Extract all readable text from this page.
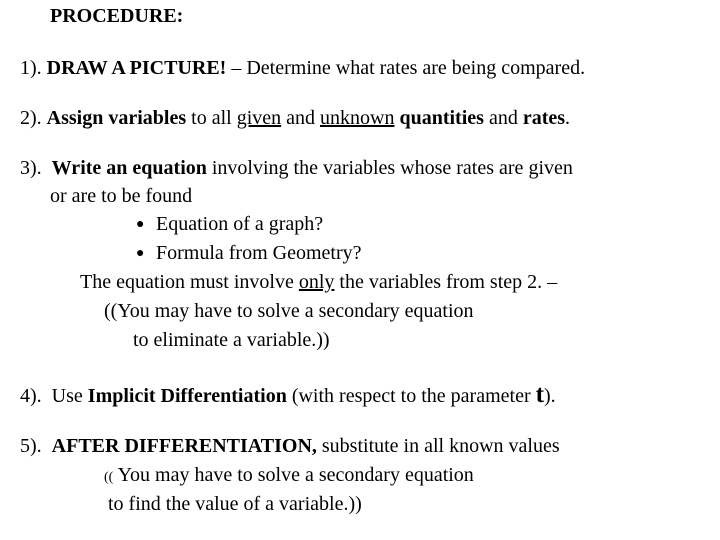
PROCEDURE:
1). DRAW A PICTURE! – Determine what rates are being compared.
2). Assign variables to all given and unknown quantities and rates.
3). Write an equation involving the variables whose rates are given
or are to be found
● Equation of a graph?
● Formula from Geometry?
The equation must involve only the variables from step 2. –
((You may have to solve a secondary equation
to eliminate a variable.))
4). Use Implicit Differentiation (with respect to the parameter t).
5). AFTER DIFFERENTIATION, substitute in all known values
(( You may have to solve a secondary equation
to find the value of a variable.))
